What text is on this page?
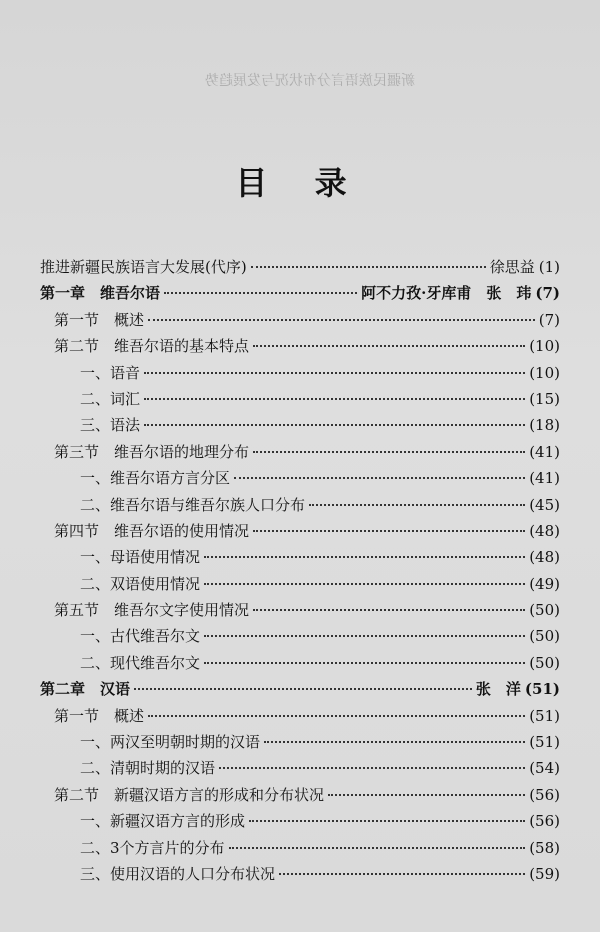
新疆民族语言分布状况与发展趋势
目 录
推进新疆民族语言大发展(代序)	徐思益 (1)
第一章　维吾尔语	阿不力孜·牙库甫　张　玮 (7)
第一节　概述	(7)
第二节　维吾尔语的基本特点	(10)
一、语音	(10)
二、词汇	(15)
三、语法	(18)
第三节　维吾尔语的地理分布	(41)
一、维吾尔语方言分区	(41)
二、维吾尔语与维吾尔族人口分布	(45)
第四节　维吾尔语的使用情况	(48)
一、母语使用情况	(48)
二、双语使用情况	(49)
第五节　维吾尔文字使用情况	(50)
一、古代维吾尔文	(50)
二、现代维吾尔文	(50)
第二章　汉语	张　洋 (51)
第一节　概述	(51)
一、两汉至明朝时期的汉语	(51)
二、清朝时期的汉语	(54)
第二节　新疆汉语方言的形成和分布状况	(56)
一、新疆汉语方言的形成	(56)
二、3个方言片的分布	(58)
三、使用汉语的人口分布状况	(59)
